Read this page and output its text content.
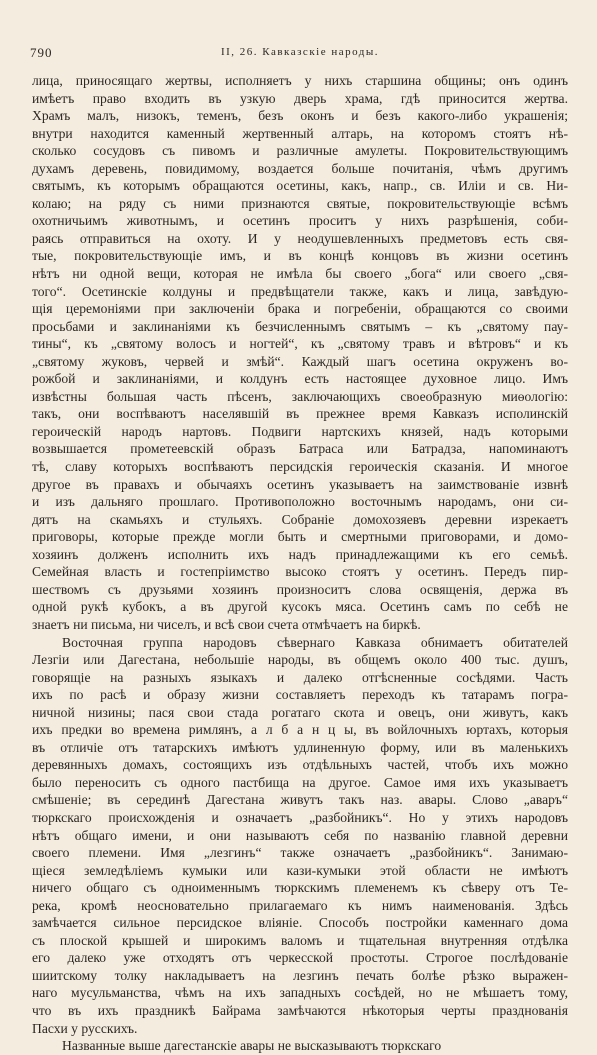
790	II, 26. Кавказскіе народы.
лица, приносящаго жертвы, исполняетъ у нихъ старшина общины; онъ одинъ
имѣетъ право входить въ узкую дверь храма, гдѣ приносится жертва.
Храмъ малъ, низокъ, теменъ, безъ оконъ и безъ какого-либо украшенія;
внутри находится каменный жертвенный алтарь, на которомъ стоятъ нѣ-
сколько сосудовъ съ пивомъ и различные амулеты. Покровительствующимъ
духамъ деревень, повидимому, воздается больше почитанія, чѣмъ другимъ
святымъ, къ которымъ обращаются осетины, какъ, напр., св. Иліи и св. Ни-
колаю; на ряду съ ними признаются святые, покровительствующіе всѣмъ
охотничьимъ животнымъ, и осетинъ проситъ у нихъ разрѣшенія, соби-
раясь отправиться на охоту. И у неодушевленныхъ предметовъ есть свя-
тые, покровительствующіе имъ, и въ концѣ концовъ въ жизни осетинъ
нѣтъ ни одной вещи, которая не имѣла бы своего „бога“ или своего „свя-
того“. Осетинскіе колдуны и предвѣщатели также, какъ и лица, завѣдую-
щія церемоніями при заключеніи брака и погребеніи, обращаются со своими
просьбами и заклинаніями къ безчисленнымъ святымъ – къ „святому пау-
тины“, къ „святому волосъ и ногтей“, къ „святому травъ и вѣтровъ“ и къ
„святому жуковъ, червей и змѣй“. Каждый шагъ осетина окруженъ во-
рожбой и заклинаніями, и колдунъ есть настоящее духовное лицо. Имъ
извѣстны большая часть пѣсенъ, заключающихъ своеобразную миѳологію:
такъ, они воспѣваютъ населявшій въ прежнее время Кавказъ исполинскій
героическій народъ нартовъ. Подвиги нартскихъ князей, надъ которыми
возвышается прометеевскій образъ Батраса или Батрадза, напоминаютъ
тѣ, славу которыхъ воспѣваютъ персидскія героическія сказанія. И многое
другое въ правахъ и обычаяхъ осетинъ указываетъ на заимствованіе извнѣ
и изъ дальняго прошлаго. Противоположно восточнымъ народамъ, они си-
дятъ на скамьяхъ и стульяхъ. Собраніе домохозяевъ деревни изрекаетъ
приговоры, которые прежде могли быть и смертными приговорами, и домо-
хозяинъ долженъ исполнить ихъ надъ принадлежащими къ его семьѣ.
Семейная власть и гостепріимство высоко стоятъ у осетинъ. Передъ пир-
шествомъ съ друзьями хозяинъ произноситъ слова освященія, держа въ
одной рукѣ кубокъ, а въ другой кусокъ мяса. Осетинъ самъ по себѣ не
знаетъ ни письма, ни чиселъ, и всѣ свои счета отмѣчаетъ на биркѣ.
Восточная группа народовъ сѣвернаго Кавказа обнимаетъ обитателей
Лезгіи или Дагестана, небольшіе народы, въ общемъ около 400 тыс. душъ,
говорящіе на разныхъ языкахъ и далеко отгѣсненные сосѣдями. Часть
ихъ по расѣ и образу жизни составляетъ переходъ къ татарамъ погра-
ничной низины; пася свои стада рогатаго скота и овецъ, они живутъ, какъ
ихъ предки во времена римлянъ, а л б а н ц ы, въ войлочныхъ юртахъ, которыя
въ отличіе отъ татарскихъ имѣютъ удлиненную форму, или въ маленькихъ
деревянныхъ домахъ, состоящихъ изъ отдѣльныхъ частей, чтобъ ихъ можно
было переносить съ одного пастбища на другое. Самое имя ихъ указываетъ
смѣшеніе; въ серединѣ Дагестана живутъ такъ наз. авары. Слово „аваръ“
тюркскаго происхожденія и означаетъ „разбойникъ“. Но у этихъ народовъ
нѣтъ общаго имени, и они называютъ себя по названію главной деревни
своего племени. Имя „лезгинъ“ также означаетъ „разбойникъ“. Занимаю-
щіеся земледѣліемъ кумыки или кази-кумыки этой области не имѣютъ
ничего общаго съ одноименнымъ тюркскимъ племенемъ къ сѣверу отъ Те-
река, кромѣ неосновательно прилагаемаго къ нимъ наименованія. Здѣсь
замѣчается сильное персидское вліяніе. Способъ постройки каменнаго дома
съ плоской крышей и широкимъ валомъ и тщательная внутренняя отдѣлка
его далеко уже отходятъ отъ черкесской простоты. Строгое послѣдованіе
шиитскому толку накладываетъ на лезгинъ печать болѣе рѣзко выражен-
наго мусульманства, чѣмъ на ихъ западныхъ сосѣдей, но не мѣшаетъ тому,
что въ ихъ праздникѣ Байрама замѣчаются нѣкоторыя черты празднованія
Пасхи у русскихъ.
Названные выше дагестанскіе авары не высказываютъ тюркскаго
